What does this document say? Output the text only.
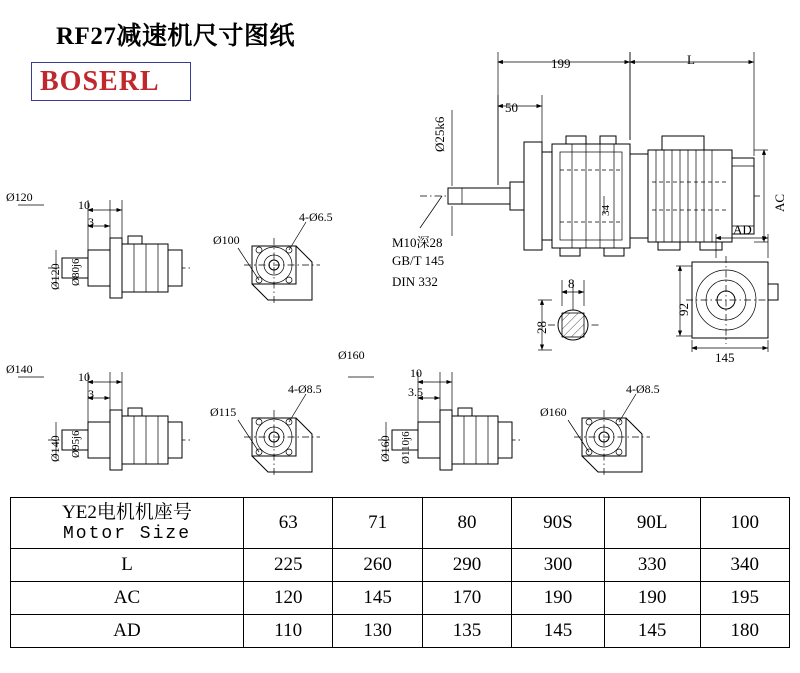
RF27减速机尺寸图纸
BOSERL
199	L
50
Ø25k6
AC
34
M10深28
GB/T 145
DIN 332	8
28
AD
92
145
Ø120
10
3
Ø120 Ø80j6
Ø100
4-Ø6.5
Ø140
10
3
Ø140 Ø95j6
Ø115
4-Ø8.5
Ø160
10
3.5
Ø160 Ø110j6
Ø160
4-Ø8.5
YE2电机机座号
Motor Size	63	71	80	90S	90L	100
L	225	260	290	300	330	340
AC	120	145	170	190	190	195
AD	110	130	135	145	145	180
